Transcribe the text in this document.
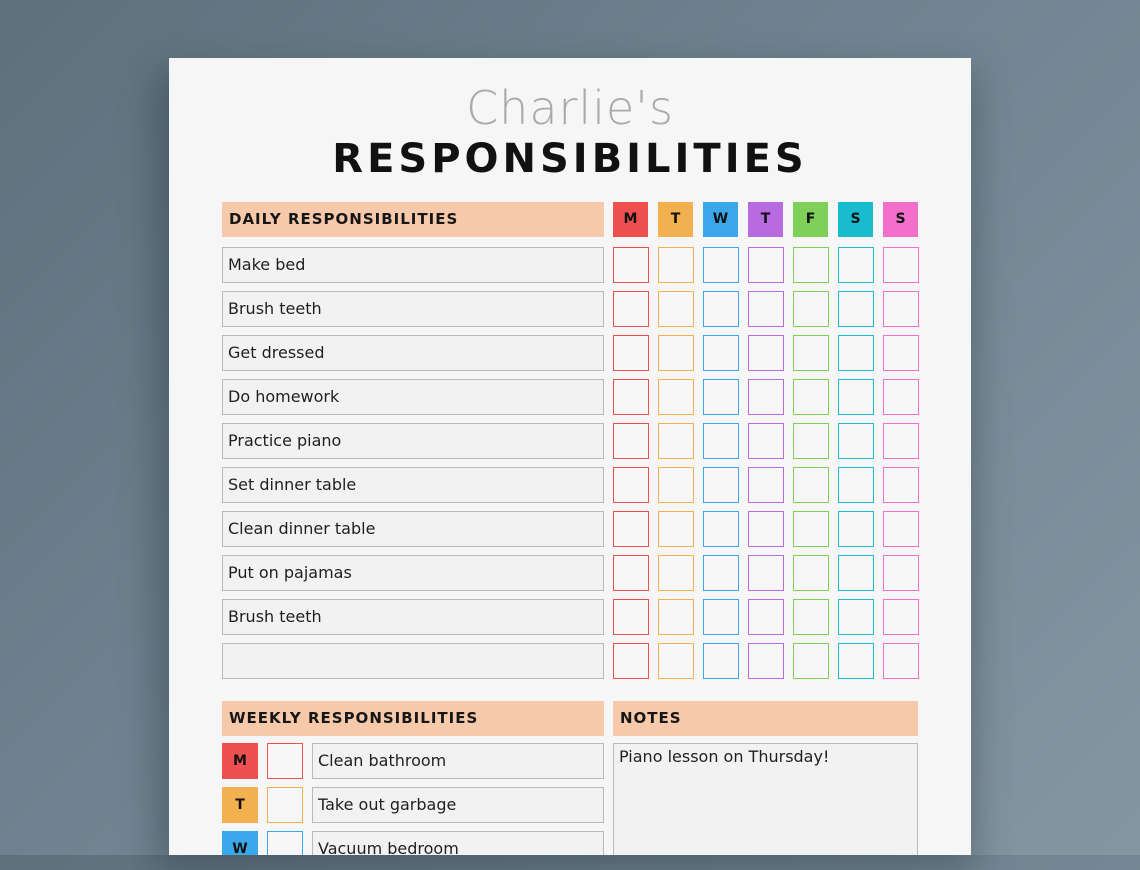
Charlie's
RESPONSIBILITIES
DAILY RESPONSIBILITIES	M	T	W	T	F	S	S
Make bed
Brush teeth
Get dressed
Do homework
Practice piano
Set dinner table
Clean dinner table
Put on pajamas
Brush teeth
WEEKLY RESPONSIBILITIES
M	Clean bathroom
T	Take out garbage
W	Vacuum bedroom
NOTES
Piano lesson on Thursday!
